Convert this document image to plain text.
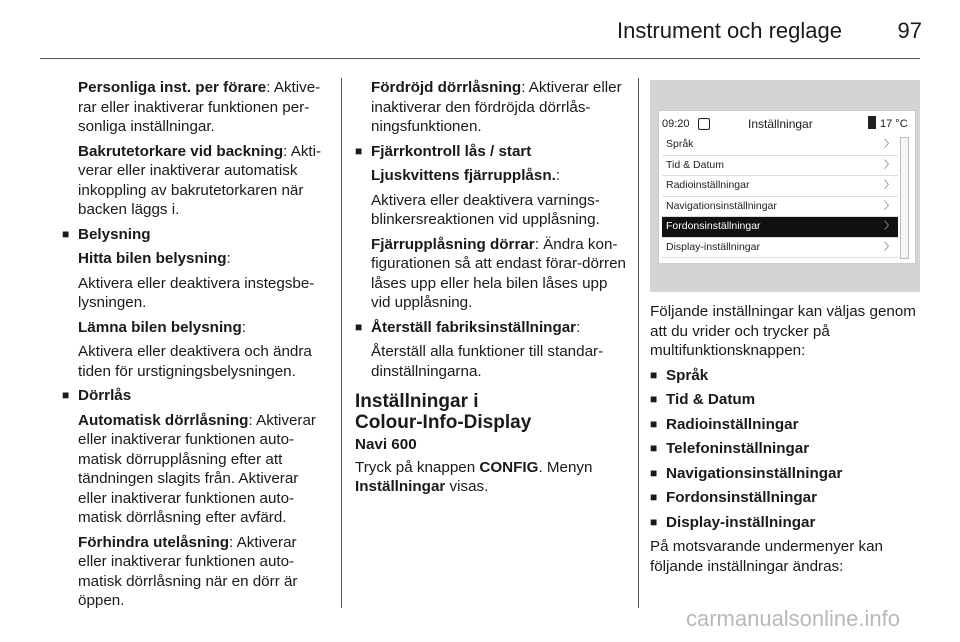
Instrument och reglage	97

Personliga inst. per förare: Aktive-rar eller inaktiverar funktionen per-sonliga inställningar.

Bakrutetorkare vid backning: Akti-verar eller inaktiverar automatisk inkoppling av bakrutetorkaren när backen läggs i.

■ Belysning

Hitta bilen belysning:

Aktivera eller deaktivera instegsbe-lysningen.

Lämna bilen belysning:

Aktivera eller deaktivera och ändra tiden för urstigningsbelysningen.

■ Dörrlås

Automatisk dörrlåsning: Aktiverar eller inaktiverar funktionen auto-matisk dörrupplåsning efter att tändningen slagits från. Aktiverar eller inaktiverar funktionen auto-matisk dörrlåsning efter avfärd.

Förhindra utelåsning: Aktiverar eller inaktiverar funktionen auto-matisk dörrlåsning när en dörr är öppen.

Fördröjd dörrlåsning: Aktiverar eller inaktiverar den fördröjda dörrlås-ningsfunktionen.

■ Fjärrkontroll lås / start

Ljuskvittens fjärrupplåsn.:

Aktivera eller deaktivera varnings-blinkersreaktionen vid upplåsning.

Fjärrupplåsning dörrar: Ändra kon-figurationen så att endast förar-dörren låses upp eller hela bilen låses upp vid upplåsning.

■ Återställ fabriksinställningar:

Återställ alla funktioner till standar-dinställningarna.

Inställningar i
Colour-Info-Display
Navi 600

Tryck på knappen CONFIG. Menyn Inställningar visas.

09:20	Inställningar	17 °C
Språk	〉
Tid & Datum	〉
Radioinställningar	〉
Navigationsinställningar	〉
Fordonsinställningar	〉
Display-inställningar	〉

Följande inställningar kan väljas genom att du vrider och trycker på multifunktionsknappen:

■ Språk
■ Tid & Datum
■ Radioinställningar
■ Telefoninställningar
■ Navigationsinställningar
■ Fordonsinställningar
■ Display-inställningar

På motsvarande undermenyer kan följande inställningar ändras:

carmanualsonline.info
